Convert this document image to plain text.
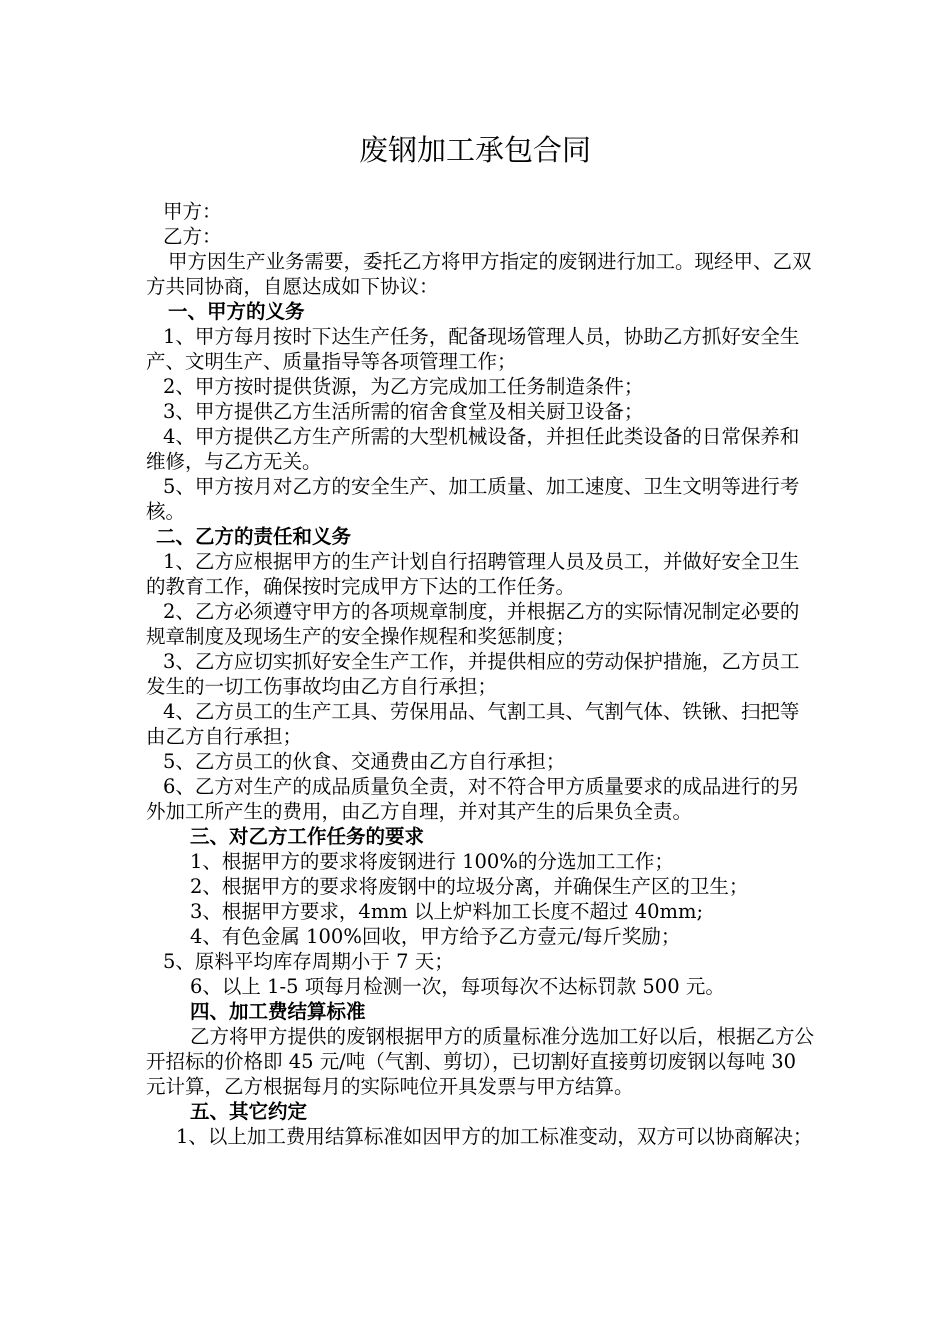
废钢加工承包合同

甲方：

乙方：

甲方因生产业务需要，委托乙方将甲方指定的废钢进行加工。现经甲、乙双方共同协商，自愿达成如下协议：

一、甲方的义务

1、甲方每月按时下达生产任务，配备现场管理人员，协助乙方抓好安全生产、文明生产、质量指导等各项管理工作；

2、甲方按时提供货源，为乙方完成加工任务制造条件；

3、甲方提供乙方生活所需的宿舍食堂及相关厨卫设备；

4、甲方提供乙方生产所需的大型机械设备，并担任此类设备的日常保养和维修，与乙方无关。

5、甲方按月对乙方的安全生产、加工质量、加工速度、卫生文明等进行考核。

二、乙方的责任和义务

1、乙方应根据甲方的生产计划自行招聘管理人员及员工，并做好安全卫生的教育工作，确保按时完成甲方下达的工作任务。

2、乙方必须遵守甲方的各项规章制度，并根据乙方的实际情况制定必要的规章制度及现场生产的安全操作规程和奖惩制度；

3、乙方应切实抓好安全生产工作，并提供相应的劳动保护措施，乙方员工发生的一切工伤事故均由乙方自行承担；

4、乙方员工的生产工具、劳保用品、气割工具、气割气体、铁锹、扫把等由乙方自行承担；

5、乙方员工的伙食、交通费由乙方自行承担；

6、乙方对生产的成品质量负全责，对不符合甲方质量要求的成品进行的另外加工所产生的费用，由乙方自理，并对其产生的后果负全责。

三、对乙方工作任务的要求

1、根据甲方的要求将废钢进行 100%的分选加工工作；

2、根据甲方的要求将废钢中的垃圾分离，并确保生产区的卫生；

3、根据甲方要求，4mm 以上炉料加工长度不超过 40mm;

4、有色金属 100%回收，甲方给予乙方壹元/每斤奖励；

5、原料平均库存周期小于 7 天；

6、以上 1-5 项每月检测一次，每项每次不达标罚款 500 元。

四、加工费结算标准

乙方将甲方提供的废钢根据甲方的质量标准分选加工好以后，根据乙方公开招标的价格即 45 元/吨（气割、剪切），已切割好直接剪切废钢以每吨 30 元计算，乙方根据每月的实际吨位开具发票与甲方结算。

五、其它约定

1、以上加工费用结算标准如因甲方的加工标准变动，双方可以协商解决；
